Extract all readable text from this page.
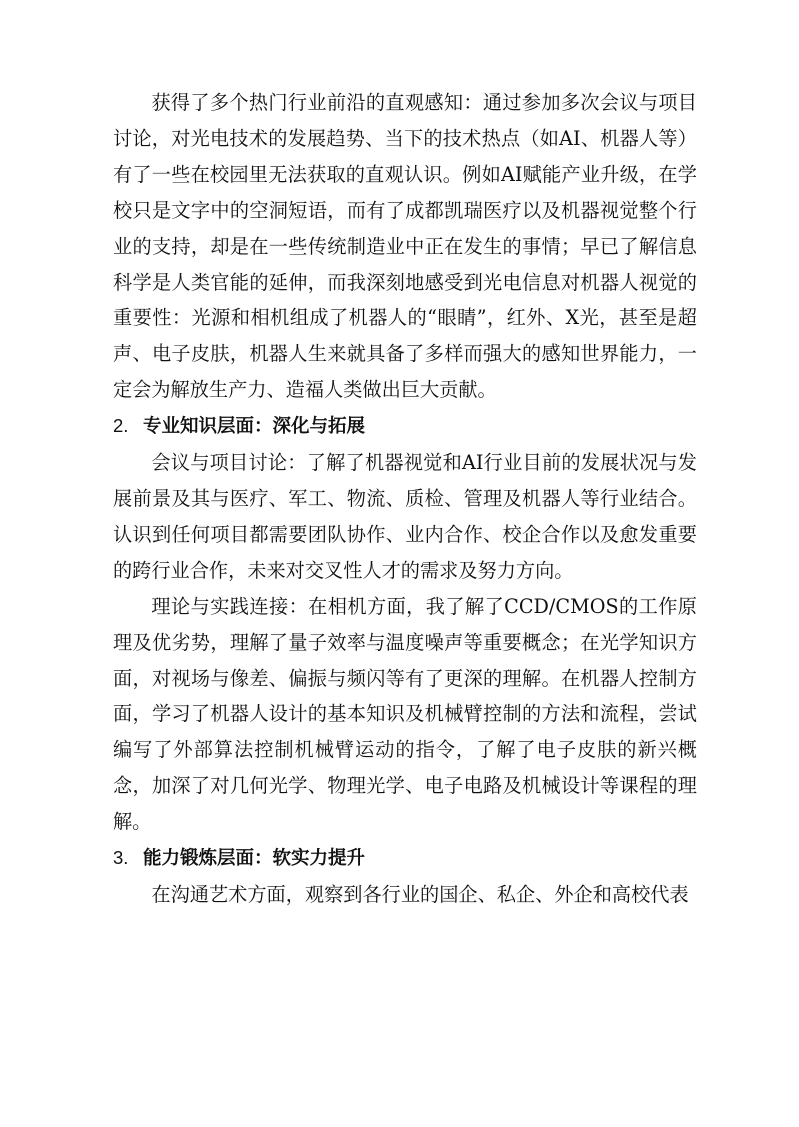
获得了多个热门行业前沿的直观感知：通过参加多次会议与项目讨论，对光电技术的发展趋势、当下的技术热点（如AI、机器人等）有了一些在校园里无法获取的直观认识。例如AI赋能产业升级，在学校只是文字中的空洞短语，而有了成都凯瑞医疗以及机器视觉整个行业的支持，却是在一些传统制造业中正在发生的事情；早已了解信息科学是人类官能的延伸，而我深刻地感受到光电信息对机器人视觉的重要性：光源和相机组成了机器人的“眼睛”，红外、X光，甚至是超声、电子皮肤，机器人生来就具备了多样而强大的感知世界能力，一定会为解放生产力、造福人类做出巨大贡献。

2. 专业知识层面：深化与拓展

会议与项目讨论：了解了机器视觉和AI行业目前的发展状况与发展前景及其与医疗、军工、物流、质检、管理及机器人等行业结合。认识到任何项目都需要团队协作、业内合作、校企合作以及愈发重要的跨行业合作，未来对交叉性人才的需求及努力方向。

理论与实践连接：在相机方面，我了解了CCD/CMOS的工作原理及优劣势，理解了量子效率与温度噪声等重要概念；在光学知识方面，对视场与像差、偏振与频闪等有了更深的理解。在机器人控制方面，学习了机器人设计的基本知识及机械臂控制的方法和流程，尝试编写了外部算法控制机械臂运动的指令，了解了电子皮肤的新兴概念，加深了对几何光学、物理光学、电子电路及机械设计等课程的理解。

3. 能力锻炼层面：软实力提升

在沟通艺术方面，观察到各行业的国企、私企、外企和高校代表
